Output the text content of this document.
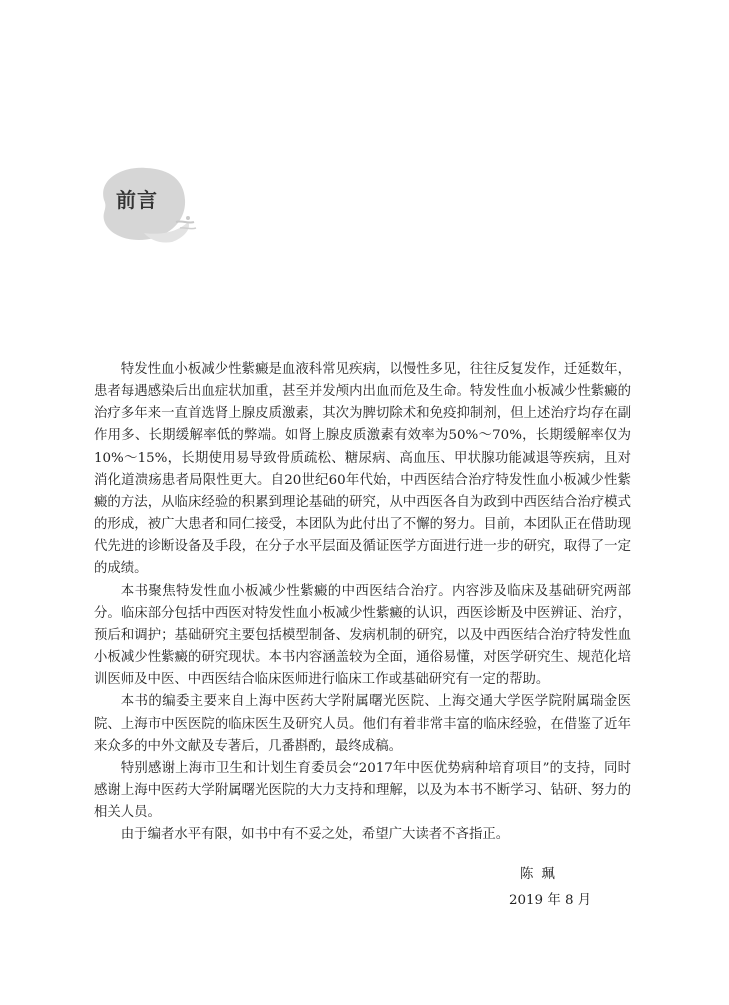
前言

特发性血小板减少性紫癜是血液科常见疾病，以慢性多见，往往反复发作，迁延数年，患者每遇感染后出血症状加重，甚至并发颅内出血而危及生命。特发性血小板减少性紫癜的治疗多年来一直首选肾上腺皮质激素，其次为脾切除术和免疫抑制剂，但上述治疗均存在副作用多、长期缓解率低的弊端。如肾上腺皮质激素有效率为50%～70%，长期缓解率仅为10%～15%，长期使用易导致骨质疏松、糖尿病、高血压、甲状腺功能减退等疾病，且对消化道溃疡患者局限性更大。自20世纪60年代始，中西医结合治疗特发性血小板减少性紫癜的方法，从临床经验的积累到理论基础的研究，从中西医各自为政到中西医结合治疗模式的形成，被广大患者和同仁接受，本团队为此付出了不懈的努力。目前，本团队正在借助现代先进的诊断设备及手段，在分子水平层面及循证医学方面进行进一步的研究，取得了一定的成绩。

本书聚焦特发性血小板减少性紫癜的中西医结合治疗。内容涉及临床及基础研究两部分。临床部分包括中西医对特发性血小板减少性紫癜的认识，西医诊断及中医辨证、治疗，预后和调护；基础研究主要包括模型制备、发病机制的研究，以及中西医结合治疗特发性血小板减少性紫癜的研究现状。本书内容涵盖较为全面，通俗易懂，对医学研究生、规范化培训医师及中医、中西医结合临床医师进行临床工作或基础研究有一定的帮助。

本书的编委主要来自上海中医药大学附属曙光医院、上海交通大学医学院附属瑞金医院、上海市中医医院的临床医生及研究人员。他们有着非常丰富的临床经验，在借鉴了近年来众多的中外文献及专著后，几番斟酌，最终成稿。

特别感谢上海市卫生和计划生育委员会“2017年中医优势病种培育项目”的支持，同时感谢上海中医药大学附属曙光医院的大力支持和理解，以及为本书不断学习、钻研、努力的相关人员。

由于编者水平有限，如书中有不妥之处，希望广大读者不吝指正。

陈珮
2019 年 8 月
